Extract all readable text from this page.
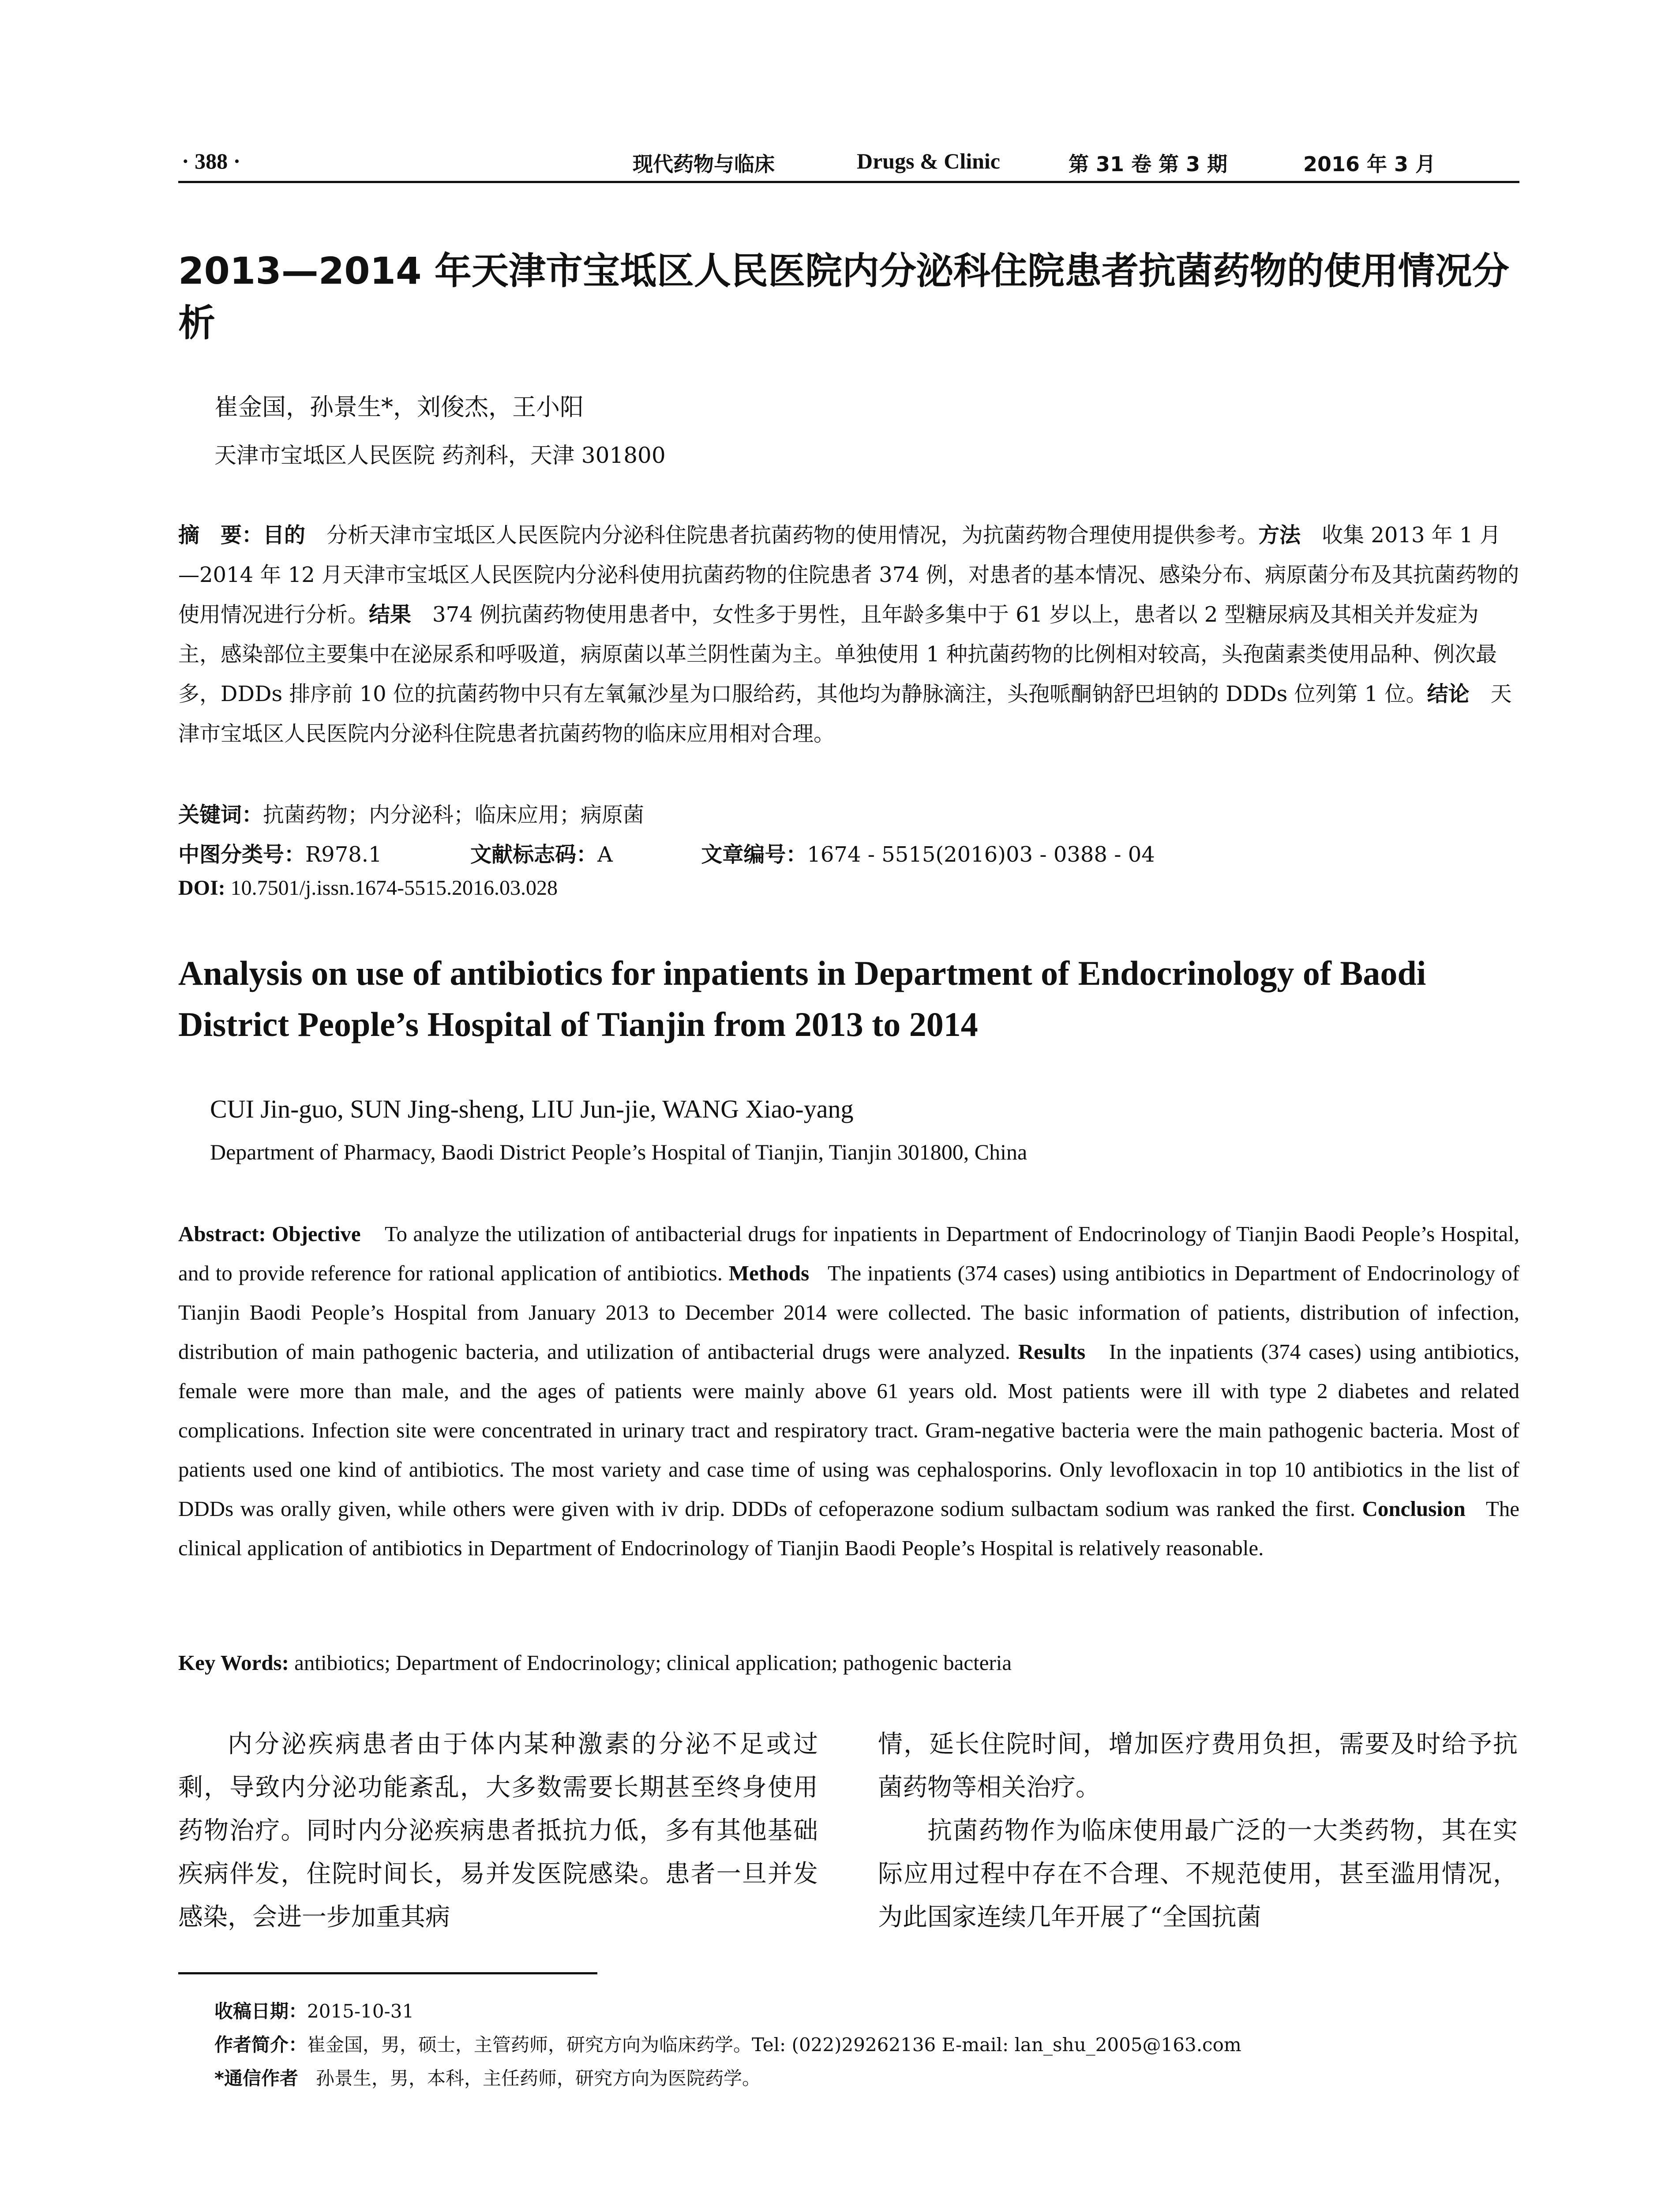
· 388 ·	现代药物与临床	Drugs & Clinic	第 31 卷 第 3 期	2016 年 3 月
2013—2014 年天津市宝坻区人民医院内分泌科住院患者抗菌药物的使用情况分析
崔金国，孙景生*，刘俊杰，王小阳
天津市宝坻区人民医院 药剂科，天津 301800
摘　要：目的　 分析天津市宝坻区人民医院内分泌科住院患者抗菌药物的使用情况，为抗菌药物合理使用提供参考。方法　 收集 2013 年 1 月—2014 年 12 月天津市宝坻区人民医院内分泌科使用抗菌药物的住院患者 374 例，对患者的基本情况、感染分布、病原菌分布及其抗菌药物的使用情况进行分析。结果　 374 例抗菌药物使用患者中，女性多于男性，且年龄多集中于 61 岁以上，患者以 2 型糖尿病及其相关并发症为主，感染部位主要集中在泌尿系和呼吸道，病原菌以革兰阴性菌为主。单独使用 1 种抗菌药物的比例相对较高，头孢菌素类使用品种、例次最多，DDDs 排序前 10 位的抗菌药物中只有左氧氟沙星为口服给药，其他均为静脉滴注，头孢哌酮钠舒巴坦钠的 DDDs 位列第 1 位。结论　 天津市宝坻区人民医院内分泌科住院患者抗菌药物的临床应用相对合理。
关键词：抗菌药物；内分泌科；临床应用；病原菌
中图分类号：R978.1	文献标志码：A	文章编号：1674 - 5515(2016)03 - 0388 - 04
DOI: 10.7501/j.issn.1674-5515.2016.03.028
Analysis on use of antibiotics for inpatients in Department of Endocrinology of Baodi District People’s Hospital of Tianjin from 2013 to 2014
CUI Jin-guo, SUN Jing-sheng, LIU Jun-jie, WANG Xiao-yang
Department of Pharmacy, Baodi District People’s Hospital of Tianjin, Tianjin 301800, China
Abstract: Objective To analyze the utilization of antibacterial drugs for inpatients in Department of Endocrinology of Tianjin Baodi People’s Hospital, and to provide reference for rational application of antibiotics. Methods The inpatients (374 cases) using antibiotics in Department of Endocrinology of Tianjin Baodi People’s Hospital from January 2013 to December 2014 were collected. The basic information of patients, distribution of infection, distribution of main pathogenic bacteria, and utilization of antibacterial drugs were analyzed. Results In the inpatients (374 cases) using antibiotics, female were more than male, and the ages of patients were mainly above 61 years old. Most patients were ill with type 2 diabetes and related complications. Infection site were concentrated in urinary tract and respiratory tract. Gram-negative bacteria were the main pathogenic bacteria. Most of patients used one kind of antibiotics. The most variety and case time of using was cephalosporins. Only levofloxacin in top 10 antibiotics in the list of DDDs was orally given, while others were given with iv drip. DDDs of cefoperazone sodium sulbactam sodium was ranked the first. Conclusion The clinical application of antibiotics in Department of Endocrinology of Tianjin Baodi People’s Hospital is relatively reasonable.
Key Words: antibiotics; Department of Endocrinology; clinical application; pathogenic bacteria

内分泌疾病患者由于体内某种激素的分泌不足或过剩，导致内分泌功能紊乱，大多数需要长期甚至终身使用药物治疗。同时内分泌疾病患者抵抗力低，多有其他基础疾病伴发，住院时间长，易并发医院感染。患者一旦并发感染，会进一步加重其病

情，延长住院时间，增加医疗费用负担，需要及时给予抗菌药物等相关治疗。

抗菌药物作为临床使用最广泛的一大类药物，其在实际应用过程中存在不合理、不规范使用，甚至滥用情况，为此国家连续几年开展了“全国抗菌

收稿日期：2015-10-31
作者简介：崔金国，男，硕士，主管药师，研究方向为临床药学。Tel: (022)29262136 E-mail: lan_shu_2005@163.com
*通信作者 孙景生，男，本科，主任药师，研究方向为医院药学。
